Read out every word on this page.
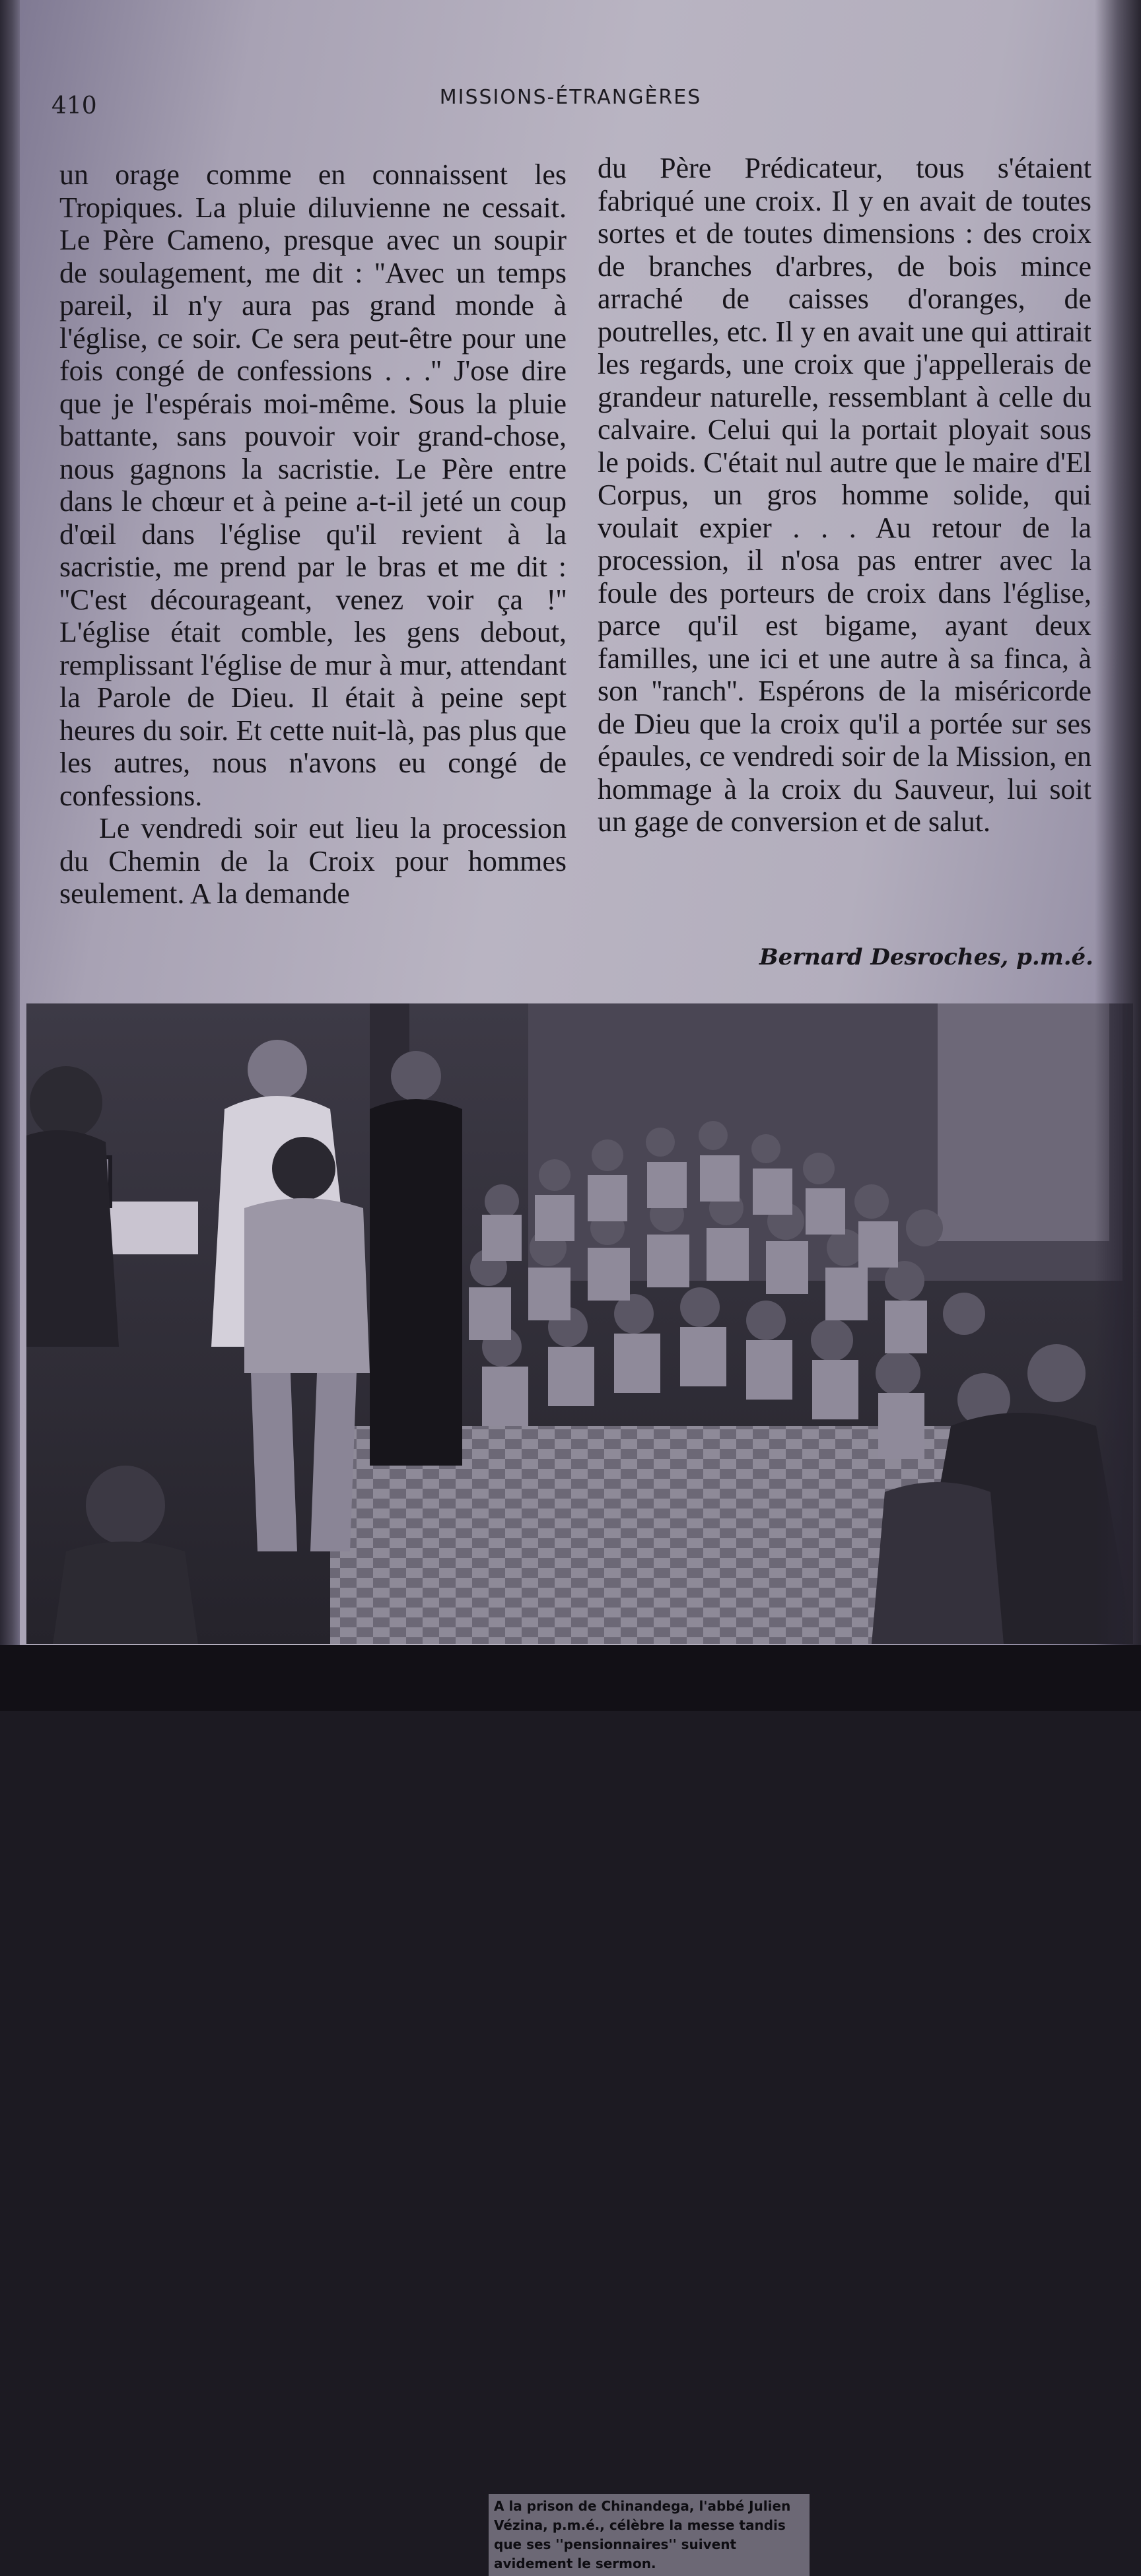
410	MISSIONS-ÉTRANGÈRES

un orage comme en connaissent les Tropiques. La pluie diluvienne ne cessait. Le Père Cameno, presque avec un soupir de soulagement, me dit : ''Avec un temps pareil, il n'y aura pas grand monde à l'église, ce soir. Ce sera peut-être pour une fois congé de confessions . . .'' J'ose dire que je l'espérais moi-même. Sous la pluie battante, sans pouvoir voir grand-chose, nous gagnons la sacristie. Le Père entre dans le chœur et à peine a-t-il jeté un coup d'œil dans l'église qu'il revient à la sacristie, me prend par le bras et me dit : ''C'est décourageant, venez voir ça !'' L'église était comble, les gens debout, remplissant l'église de mur à mur, attendant la Parole de Dieu. Il était à peine sept heures du soir. Et cette nuit-là, pas plus que les autres, nous n'avons eu congé de confessions.

Le vendredi soir eut lieu la procession du Chemin de la Croix pour hommes seulement. A la demande

du Père Prédicateur, tous s'étaient fabriqué une croix. Il y en avait de toutes sortes et de toutes dimensions : des croix de branches d'arbres, de bois mince arraché de caisses d'oranges, de poutrelles, etc. Il y en avait une qui attirait les regards, une croix que j'appellerais de grandeur naturelle, ressemblant à celle du calvaire. Celui qui la portait ployait sous le poids. C'était nul autre que le maire d'El Corpus, un gros homme solide, qui voulait expier . . . Au retour de la procession, il n'osa pas entrer avec la foule des porteurs de croix dans l'église, parce qu'il est bigame, ayant deux familles, une ici et une autre à sa finca, à son ''ranch''. Espérons de la miséricorde de Dieu que la croix qu'il a portée sur ses épaules, ce vendredi soir de la Mission, en hommage à la croix du Sauveur, lui soit un gage de conversion et de salut.

Bernard Desroches, p.m.é.
A la prison de Chinandega, l'abbé Julien Vézina, p.m.é., célèbre la messe tandis que ses ''pensionnaires'' suivent avidement le sermon.
